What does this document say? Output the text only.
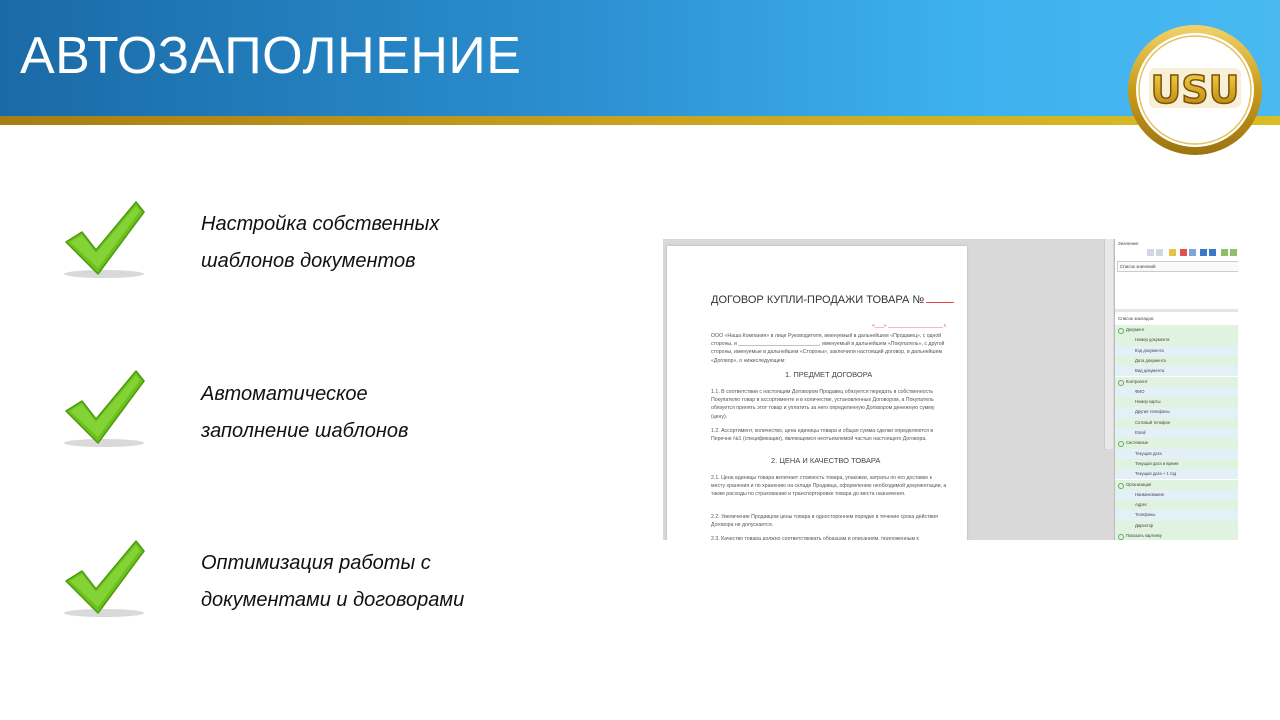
АВТОЗАПОЛНЕНИЕ
USU
Настройка собственных
шаблонов документов
Автоматическое
заполнение шаблонов
Оптимизация работы с
документами и договорами
ДОГОВОР КУПЛИ-ПРОДАЖИ ТОВАРА №
«___» ___________________ г.
ООО «Наша Компания» в лице Руководителя, именуемый в дальнейшем «Продавец», с одной стороны, и ____________________________, именуемый в дальнейшем «Покупатель», с другой стороны, именуемые в дальнейшем «Стороны», заключили настоящий договор, в дальнейшем «Договор», о нижеследующем:
1. ПРЕДМЕТ ДОГОВОРА
1.1. В соответствии с настоящим Договором Продавец обязуется передать в собственность Покупателю товар в ассортименте и в количестве, установленных Договором, а Покупатель обязуется принять этот товар и уплатить за него определенную Договором денежную сумму (цену).
1.2. Ассортимент, количество, цена единицы товара и общая сумма сделки определяются в Перечне №1 (спецификации), являющемся неотъемлемой частью настоящего Договора.
2. ЦЕНА И КАЧЕСТВО ТОВАРА
2.1. Цена единицы товара включает стоимость товара, упаковки, затраты по его доставке к месту хранения и по хранению на складе Продавца, оформлению необходимой документации, а также расходы по страхованию и транспортировке товара до места назначения.
2.2. Увеличение Продавцом цены товара в одностороннем порядке в течение срока действия Договора не допускается.
2.3. Качество товара должно соответствовать образцам и описаниям, приложенным к
Значение:
Список значений
Список закладок:
Документ
Номер документа
Код документа
Дата документа
Вид документа
Контрагент
ФИО
Номер карты
Другие телефоны
Сотовый телефон
Email
Системные
Текущая дата
Текущая дата и время
Текущая дата + 1 год
Организация
Наименование
Адрес
Телефоны
Директор
Показать картинку
